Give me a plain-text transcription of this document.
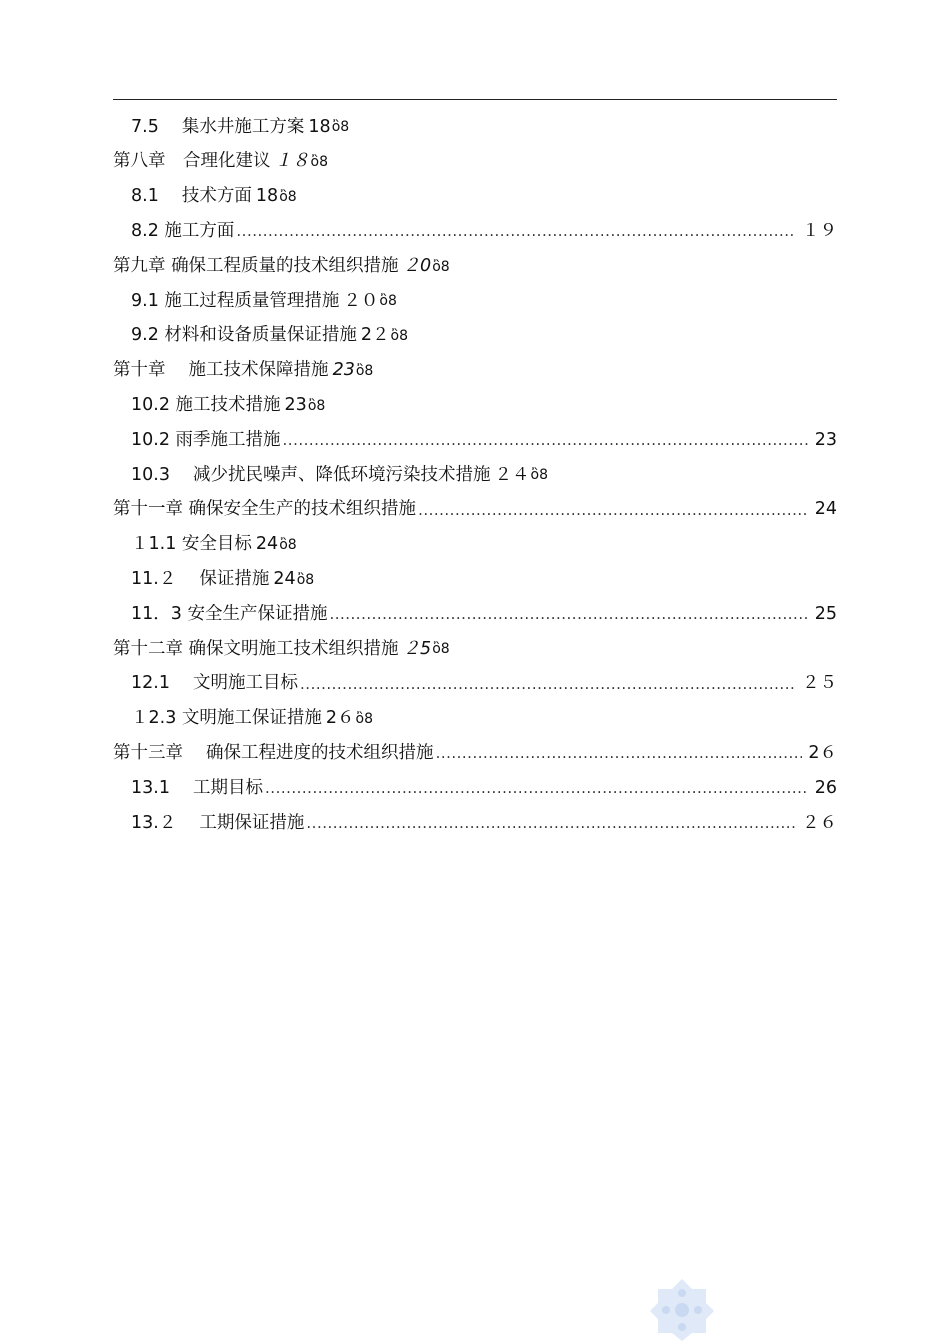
7.5　 集水井施工方案 18 ὂ8
第八章　合理化建议 １８ ὂ8
8.1　 技术方面 18 ὂ8
8.2 施工方面 .....	１９
第九章 确保工程质量的技术组织措施 ２0 ὂ8
9.1 施工过程质量管理措施 ２０ ὂ8
9.2 材料和设备质量保证措施 2２ ὂ8
第十章　 施工技术保障措施 23 ὂ8
10.2 施工技术措施 23 ὂ8
10.2 雨季施工措施 .....	23
10.3　 减少扰民噪声、降低环境污染技术措施 ２４ ὂ8
第十一章 确保安全生产的技术组织措施 .....	24
１1.1 安全目标 24 ὂ8
11.２　 保证措施 24 ὂ8
11．3 安全生产保证措施 .....	25
第十二章 确保文明施工技术组织措施 ２5 ὂ8
12.1　 文明施工目标 .....	２５
１2.3 文明施工保证措施 2６ ὂ8
第十三章　 确保工程进度的技术组织措施 .....	2６
13.1　 工期目标 .....	26
13.２　 工期保证措施 .....	２６
